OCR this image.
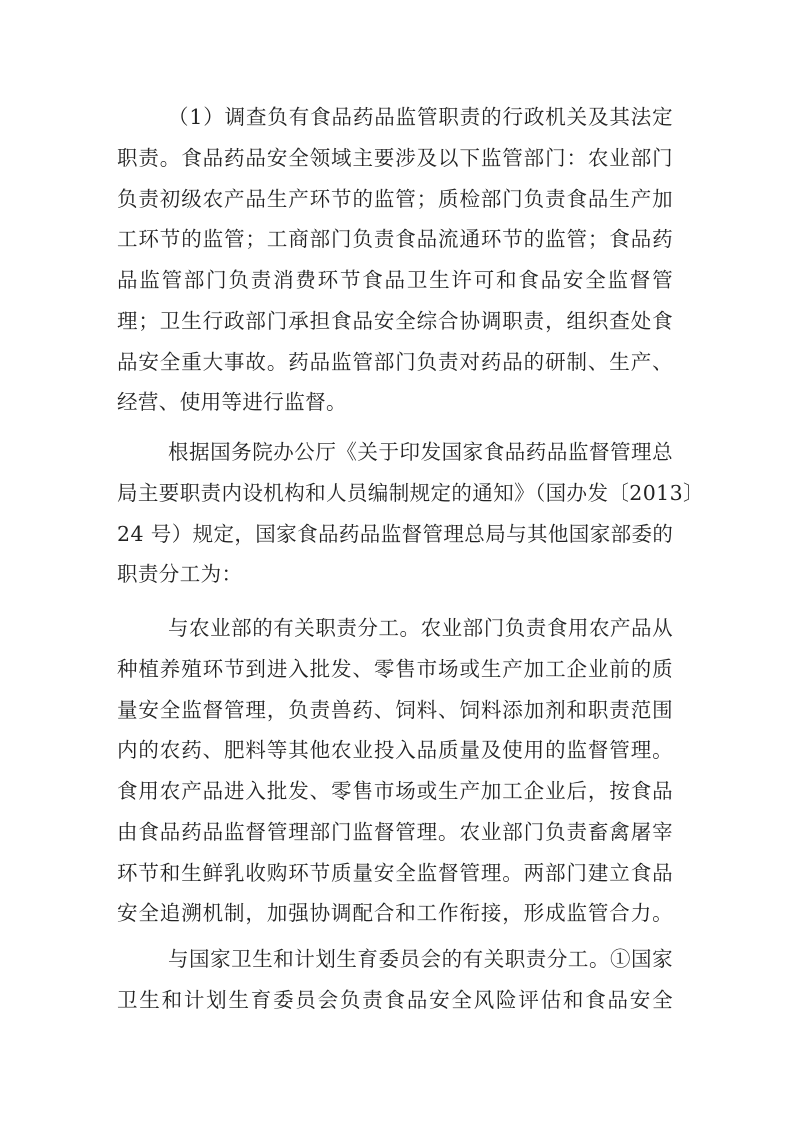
（1）调查负有食品药品监管职责的行政机关及其法定
职责。食品药品安全领域主要涉及以下监管部门：农业部门
负责初级农产品生产环节的监管；质检部门负责食品生产加
工环节的监管；工商部门负责食品流通环节的监管；食品药
品监管部门负责消费环节食品卫生许可和食品安全监督管
理；卫生行政部门承担食品安全综合协调职责，组织查处食
品安全重大事故。药品监管部门负责对药品的研制、生产、
经营、使用等进行监督。
根据国务院办公厅《关于印发国家食品药品监督管理总
局主要职责内设机构和人员编制规定的通知》（国办发〔2013〕
24 号）规定，国家食品药品监督管理总局与其他国家部委的
职责分工为：
与农业部的有关职责分工。农业部门负责食用农产品从
种植养殖环节到进入批发、零售市场或生产加工企业前的质
量安全监督管理，负责兽药、饲料、饲料添加剂和职责范围
内的农药、肥料等其他农业投入品质量及使用的监督管理。
食用农产品进入批发、零售市场或生产加工企业后，按食品
由食品药品监督管理部门监督管理。农业部门负责畜禽屠宰
环节和生鲜乳收购环节质量安全监督管理。两部门建立食品
安全追溯机制，加强协调配合和工作衔接，形成监管合力。
与国家卫生和计划生育委员会的有关职责分工。①国家
卫生和计划生育委员会负责食品安全风险评估和食品安全
